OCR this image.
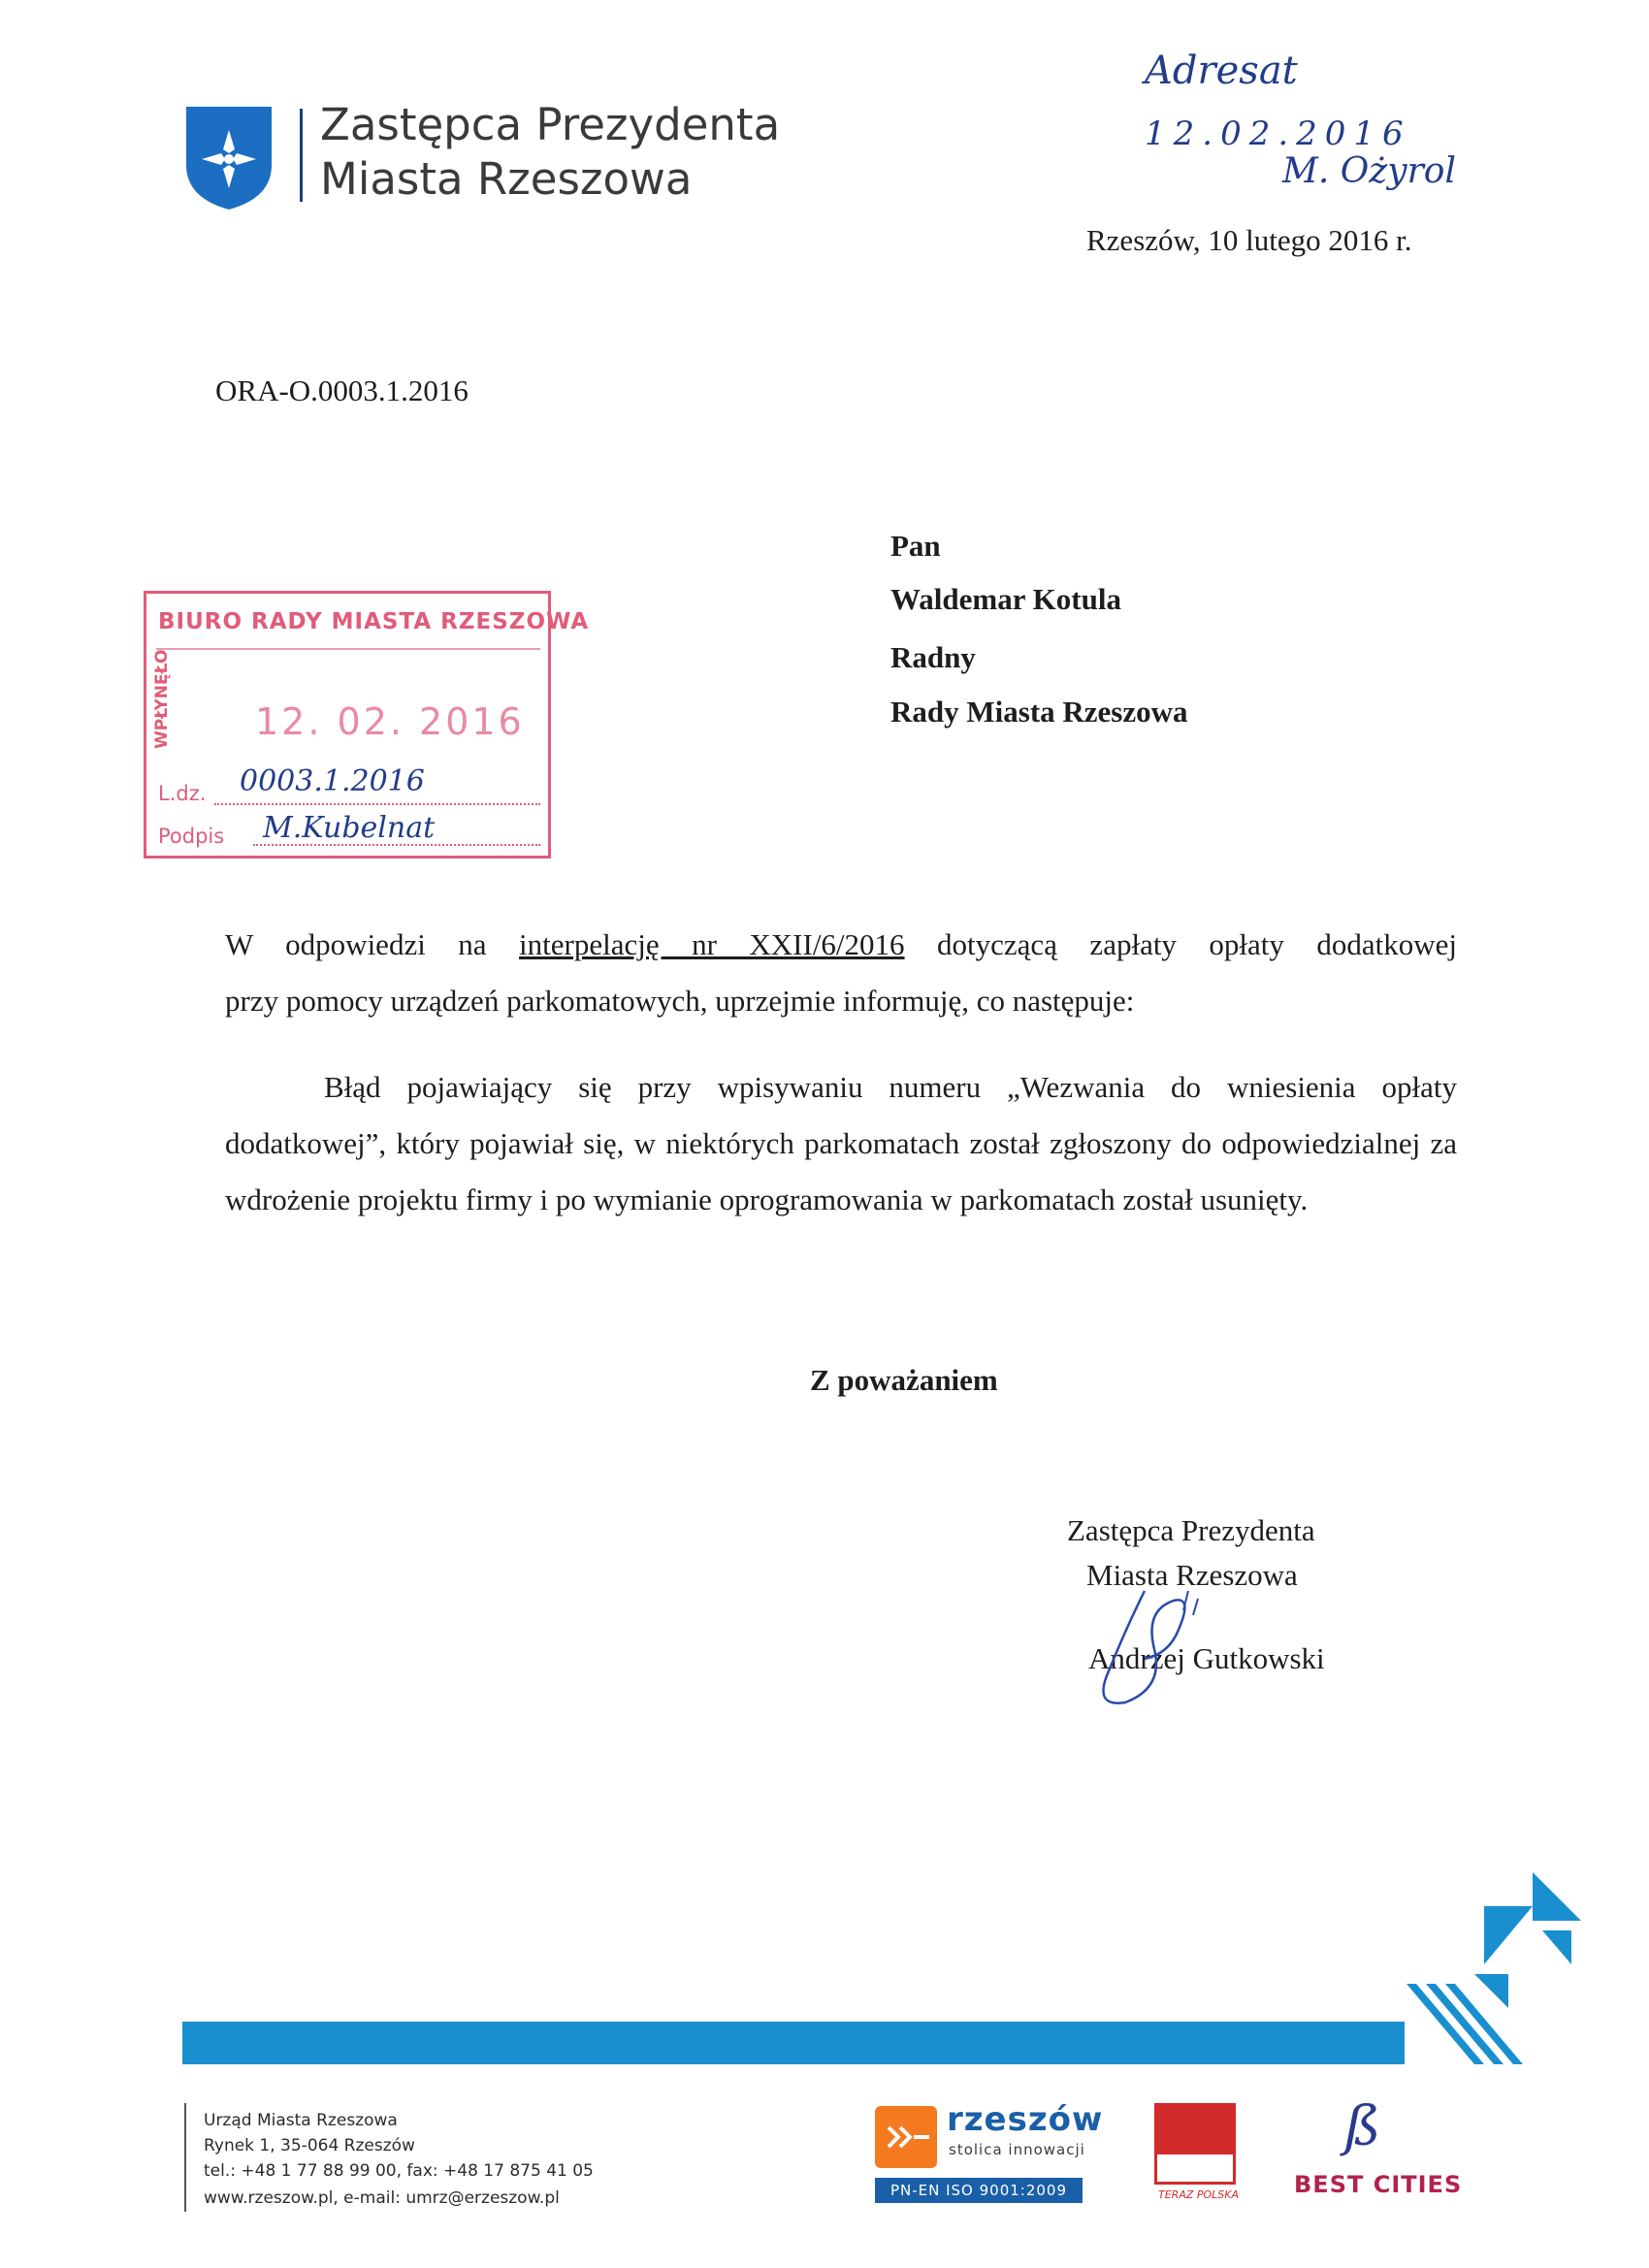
Zastępca Prezydenta
Miasta Rzeszowa
Adresat
12.02.2016
M. Ożyrol
Rzeszów, 10 lutego 2016 r.
ORA-O.0003.1.2016
Pan
Waldemar Kotula
Radny
Rady Miasta Rzeszowa
BIURO RADY MIASTA RZESZOWA
WPŁYNĘŁO 12. 02. 2016
L.dz. 0003.1.2016
Podpis M.Kubelnat
W odpowiedzi na interpelację nr XXII/6/2016 dotyczącą zapłaty opłaty dodatkowej
przy pomocy urządzeń parkomatowych, uprzejmie informuję, co następuje:
Błąd pojawiający się przy wpisywaniu numeru „Wezwania do wniesienia opłaty
dodatkowej”, który pojawiał się, w niektórych parkomatach został zgłoszony do odpowiedzialnej za wdrożenie projektu firmy i po wymianie oprogramowania w parkomatach został usunięty.
Z poważaniem
Zastępca Prezydenta
Miasta Rzeszowa
Andrzej Gutkowski
Urząd Miasta Rzeszowa
Rynek 1, 35-064 Rzeszów
tel.: +48 1 77 88 99 00, fax: +48 17 875 41 05
www.rzeszow.pl, e-mail: umrz@erzeszow.pl
rzeszów
stolica innowacji
PN-EN ISO 9001:2009	TERAZ POLSKA
ß
BEST CITIES
